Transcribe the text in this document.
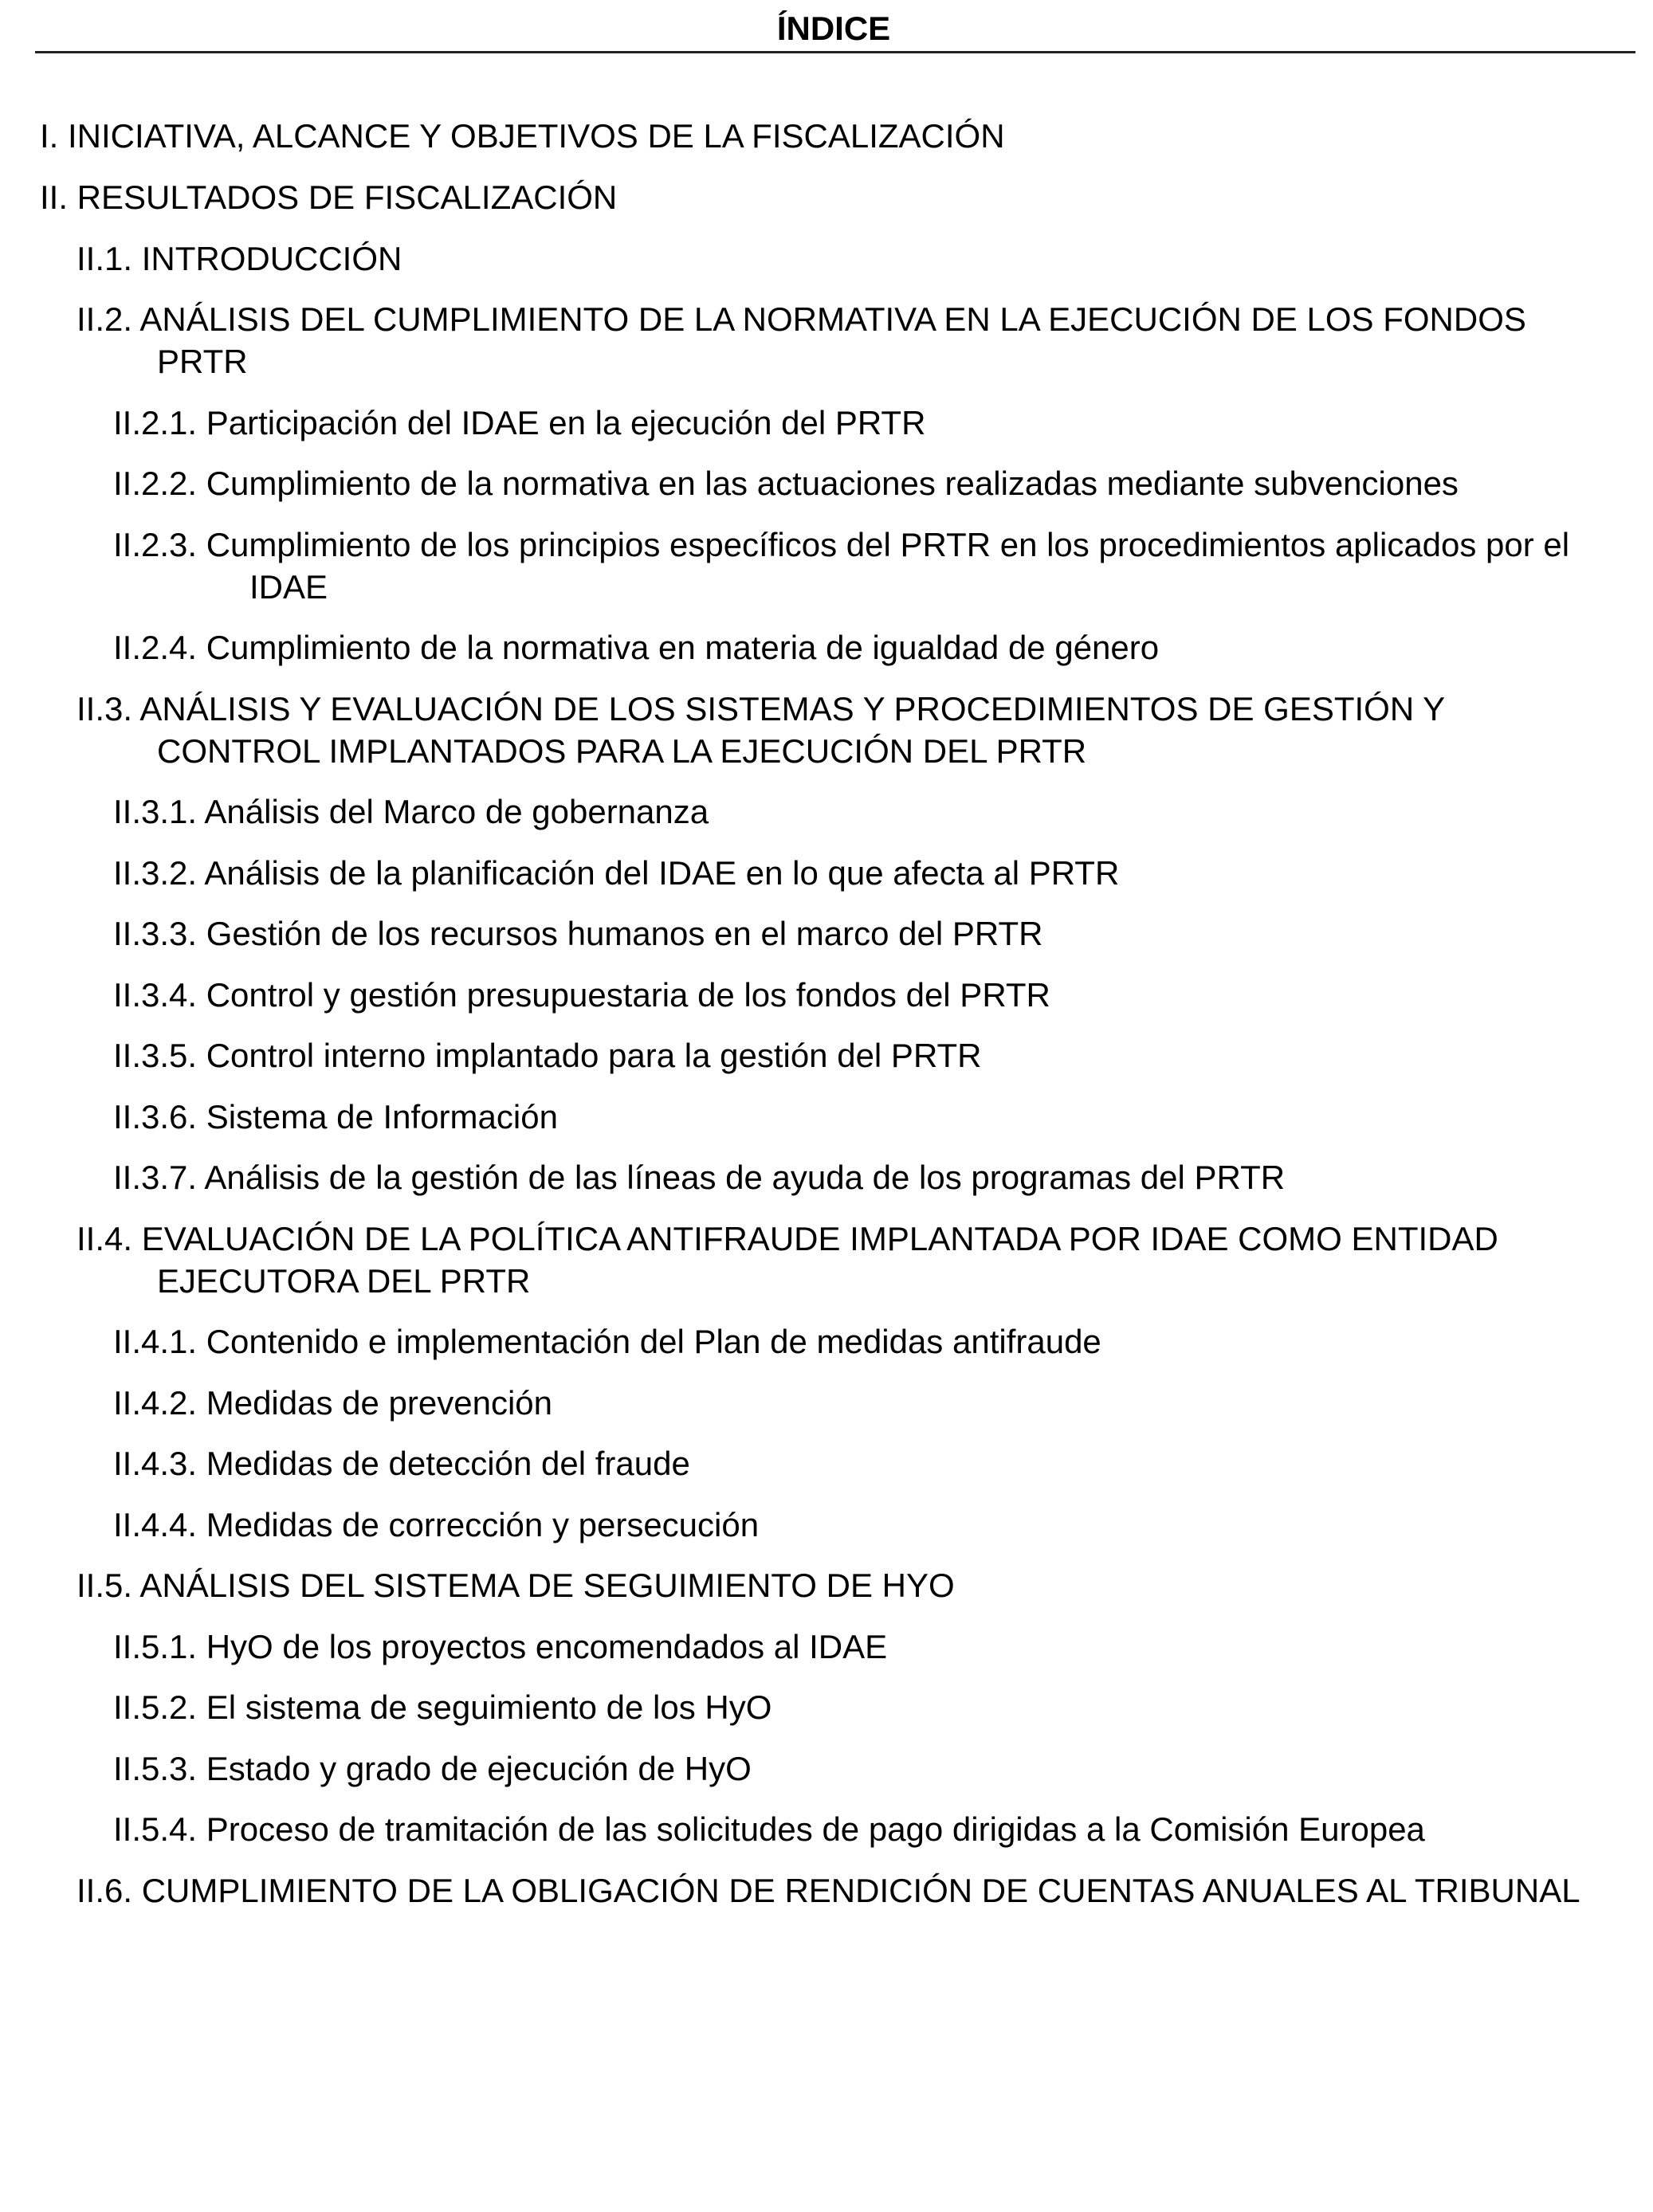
ÍNDICE
I. INICIATIVA, ALCANCE Y OBJETIVOS DE LA FISCALIZACIÓN
II. RESULTADOS DE FISCALIZACIÓN
II.1. INTRODUCCIÓN
II.2. ANÁLISIS DEL CUMPLIMIENTO DE LA NORMATIVA EN LA EJECUCIÓN DE LOS FONDOS PRTR
II.2.1. Participación del IDAE en la ejecución del PRTR
II.2.2. Cumplimiento de la normativa en las actuaciones realizadas mediante subvenciones
II.2.3. Cumplimiento de los principios específicos del PRTR en los procedimientos aplicados por el IDAE
II.2.4. Cumplimiento de la normativa en materia de igualdad de género
II.3. ANÁLISIS Y EVALUACIÓN DE LOS SISTEMAS Y PROCEDIMIENTOS DE GESTIÓN Y CONTROL IMPLANTADOS PARA LA EJECUCIÓN DEL PRTR
II.3.1. Análisis del Marco de gobernanza
II.3.2. Análisis de la planificación del IDAE en lo que afecta al PRTR
II.3.3. Gestión de los recursos humanos en el marco del PRTR
II.3.4. Control y gestión presupuestaria de los fondos del PRTR
II.3.5. Control interno implantado para la gestión del PRTR
II.3.6. Sistema de Información
II.3.7. Análisis de la gestión de las líneas de ayuda de los programas del PRTR
II.4. EVALUACIÓN DE LA POLÍTICA ANTIFRAUDE IMPLANTADA POR IDAE COMO ENTIDAD EJECUTORA DEL PRTR
II.4.1. Contenido e implementación del Plan de medidas antifraude
II.4.2. Medidas de prevención
II.4.3. Medidas de detección del fraude
II.4.4. Medidas de corrección y persecución
II.5. ANÁLISIS DEL SISTEMA DE SEGUIMIENTO DE HYO
II.5.1. HyO de los proyectos encomendados al IDAE
II.5.2. El sistema de seguimiento de los HyO
II.5.3. Estado y grado de ejecución de HyO
II.5.4. Proceso de tramitación de las solicitudes de pago dirigidas a la Comisión Europea
II.6. CUMPLIMIENTO DE LA OBLIGACIÓN DE RENDICIÓN DE CUENTAS ANUALES AL TRIBUNAL
